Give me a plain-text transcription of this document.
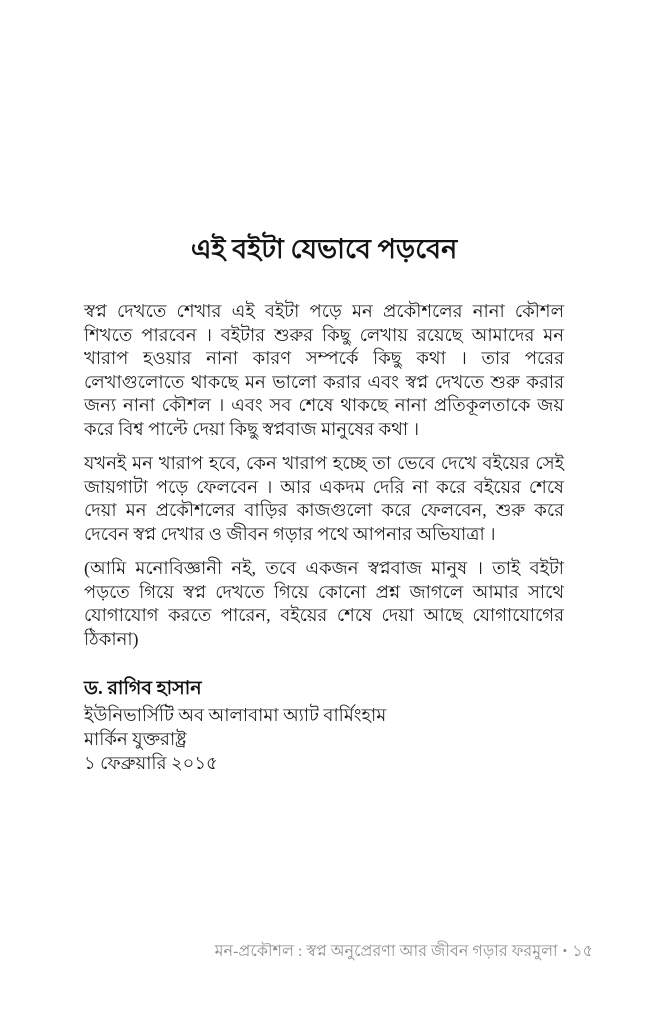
এই বইটা যেভাবে পড়বেন

স্বপ্ন দেখতে শেখার এই বইটা পড়ে মন প্রকৌশলের নানা কৌশল শিখতে পারবেন । বইটার শুরুর কিছু লেখায় রয়েছে আমাদের মন খারাপ হওয়ার নানা কারণ সম্পর্কে কিছু কথা । তার পরের লেখাগুলোতে থাকছে মন ভালো করার এবং স্বপ্ন দেখতে শুরু করার জন্য নানা কৌশল । এবং সব শেষে থাকছে নানা প্রতিকূলতাকে জয় করে বিশ্ব পাল্টে দেয়া কিছু স্বপ্নবাজ মানুষের কথা ।

যখনই মন খারাপ হবে, কেন খারাপ হচ্ছে তা ভেবে দেখে বইয়ের সেই জায়গাটা পড়ে ফেলবেন । আর একদম দেরি না করে বইয়ের শেষে দেয়া মন প্রকৌশলের বাড়ির কাজগুলো করে ফেলবেন, শুরু করে দেবেন স্বপ্ন দেখার ও জীবন গড়ার পথে আপনার অভিযাত্রা ।

(আমি মনোবিজ্ঞানী নই, তবে একজন স্বপ্নবাজ মানুষ । তাই বইটা পড়তে গিয়ে স্বপ্ন দেখতে গিয়ে কোনো প্রশ্ন জাগলে আমার সাথে যোগাযোগ করতে পারেন, বইয়ের শেষে দেয়া আছে যোগাযোগের ঠিকানা)

ড. রাগিব হাসান
ইউনিভার্সিটি অব আলাবামা অ্যাট বার্মিংহাম
মার্কিন যুক্তরাষ্ট্র
১ ফেব্রুয়ারি ২০১৫
মন-প্রকৌশল : স্বপ্ন অনুপ্রেরণা আর জীবন গড়ার ফরমুলা • ১৫
